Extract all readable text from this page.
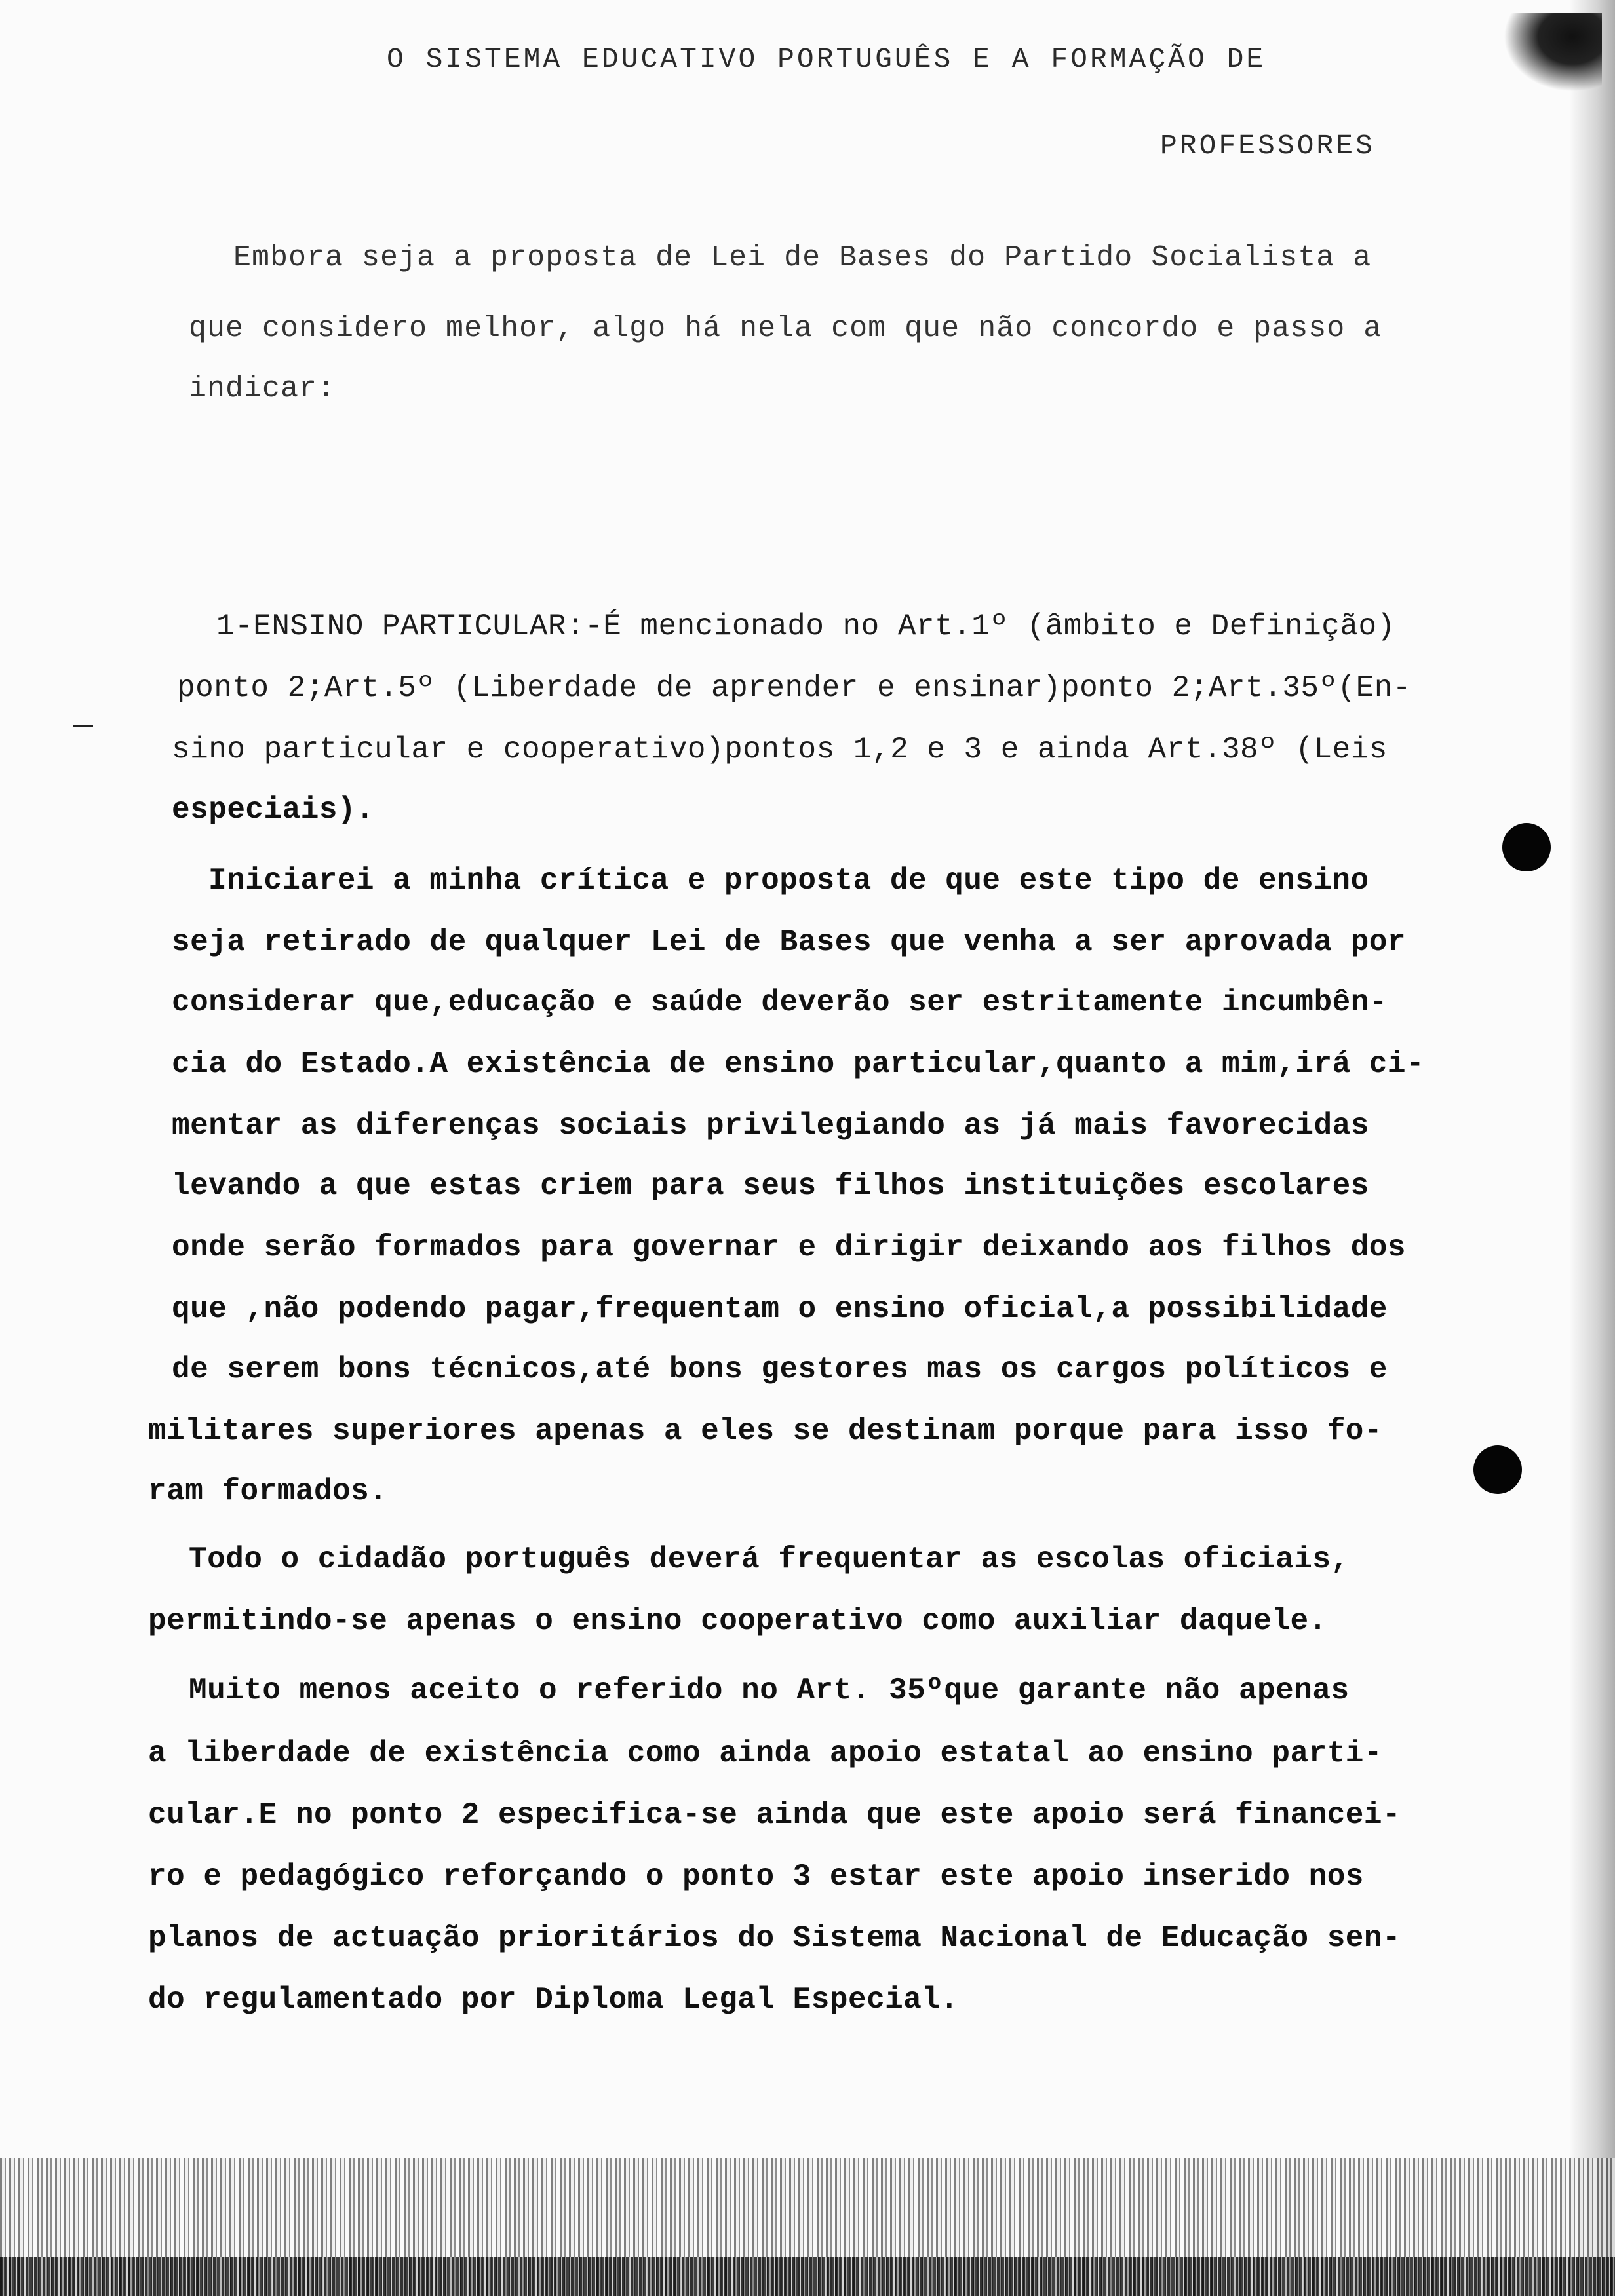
O SISTEMA EDUCATIVO PORTUGUÊS E A FORMAÇÃO DE
PROFESSORES
Embora seja a proposta de Lei de Bases do Partido Socialista a
que considero melhor, algo há nela com que não concordo e passo a
indicar:
1-ENSINO PARTICULAR:-É mencionado no Art.1º (âmbito e Definição)
ponto 2;Art.5º (Liberdade de aprender e ensinar)ponto 2;Art.35º(En-
sino particular e cooperativo)pontos 1,2 e 3 e ainda Art.38º (Leis
especiais).
Iniciarei a minha crítica e proposta de que este tipo de ensino
seja retirado de qualquer Lei de Bases que venha a ser aprovada por
considerar que,educação e saúde deverão ser estritamente incumbên-
cia do Estado.A existência de ensino particular,quanto a mim,irá ci-
mentar as diferenças sociais privilegiando as já mais favorecidas
levando a que estas criem para seus filhos instituições escolares
onde serão formados para governar e dirigir deixando aos filhos dos
que ,não podendo pagar,frequentam o ensino oficial,a possibilidade
de serem bons técnicos,até bons gestores mas os cargos políticos e
militares superiores apenas a eles se destinam porque para isso fo-
ram formados.
Todo o cidadão português deverá frequentar as escolas oficiais,
permitindo-se apenas o ensino cooperativo como auxiliar daquele.
Muito menos aceito o referido no Art. 35ºque garante não apenas
a liberdade de existência como ainda apoio estatal ao ensino parti-
cular.E no ponto 2 especifica-se ainda que este apoio será financei-
ro e pedagógico reforçando o ponto 3 estar este apoio inserido nos
planos de actuação prioritários do Sistema Nacional de Educação sen-
do regulamentado por Diploma Legal Especial.
